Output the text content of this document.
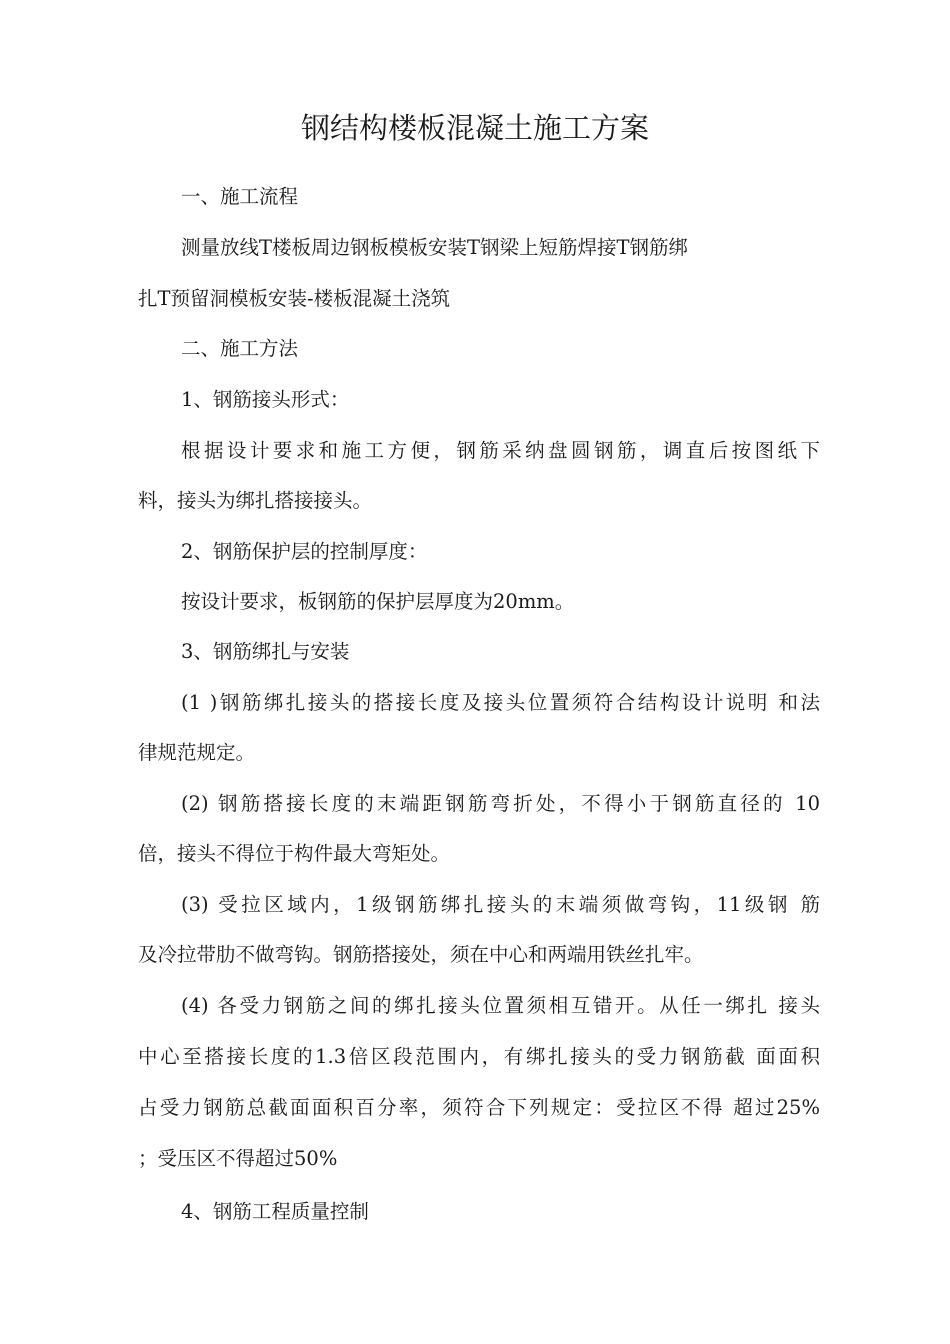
钢结构楼板混凝土施工方案
一、施工流程
测量放线T楼板周边钢板模板安装T钢梁上短筋焊接T钢筋绑
扎T预留洞模板安装-楼板混凝土浇筑
二、施工方法
1、钢筋接头形式：
根据设计要求和施工方便，钢筋采纳盘圆钢筋，调直后按图纸下
料，接头为绑扎搭接接头。
2、钢筋保护层的控制厚度：
按设计要求，板钢筋的保护层厚度为20mm。
3、钢筋绑扎与安装
(1 )钢筋绑扎接头的搭接长度及接头位置须符合结构设计说明 和法
律规范规定。
(2) 钢筋搭接长度的末端距钢筋弯折处，不得小于钢筋直径的 10
倍，接头不得位于构件最大弯矩处。
(3) 受拉区域内，1级钢筋绑扎接头的末端须做弯钩，11级钢 筋
及冷拉带肋不做弯钩。钢筋搭接处，须在中心和两端用铁丝扎牢。
(4) 各受力钢筋之间的绑扎接头位置须相互错开。从任一绑扎 接头
中心至搭接长度的1.3倍区段范围内，有绑扎接头的受力钢筋截 面面积
占受力钢筋总截面面积百分率，须符合下列规定：受拉区不得 超过25%
；受压区不得超过50%
4、钢筋工程质量控制
